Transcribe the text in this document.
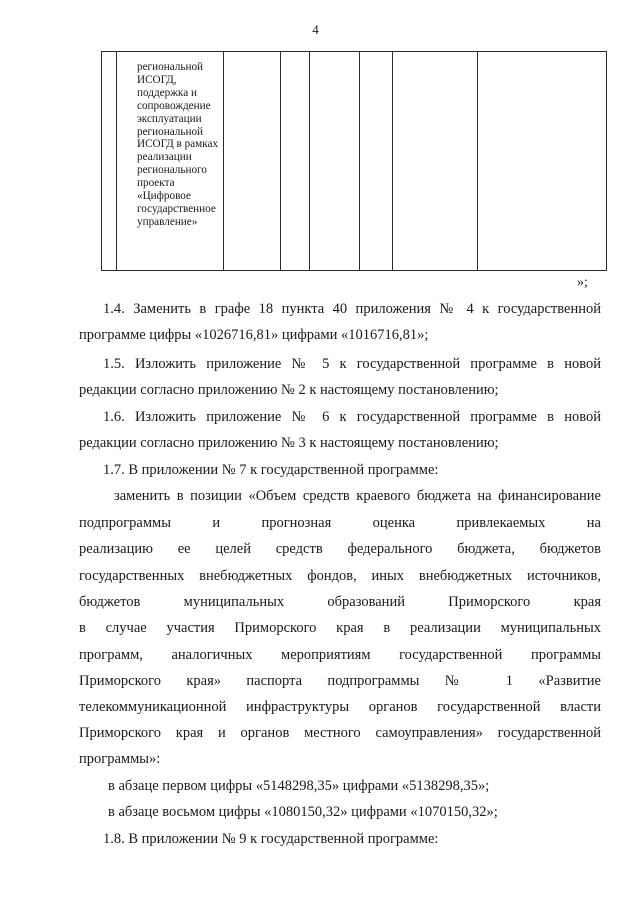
4

региональной
ИСОГД,
поддержка и
сопровождение
эксплуатации
региональной
ИСОГД в рамках
реализации
регионального
проекта
«Цифровое
государственное
управление»

»;
1.4. Заменить в графе 18 пункта 40 приложения № 4 к государственной
программе цифры «1026716,81» цифрами «1016716,81»;
1.5. Изложить приложение № 5 к государственной программе в новой
редакции согласно приложению № 2 к настоящему постановлению;
1.6. Изложить приложение № 6 к государственной программе в новой
редакции согласно приложению № 3 к настоящему постановлению;
1.7. В приложении № 7 к государственной программе:
заменить в позиции «Объем средств краевого бюджета на финансирование
подпрограммы и прогнозная оценка привлекаемых на
реализацию ее целей средств федерального бюджета, бюджетов
государственных внебюджетных фондов, иных внебюджетных источников,
бюджетов муниципальных образований Приморского края
в случае участия Приморского края в реализации муниципальных
программ, аналогичных мероприятиям государственной программы
Приморского края» паспорта подпрограммы № 1 «Развитие
телекоммуникационной инфраструктуры органов государственной власти
Приморского края и органов местного самоуправления» государственной
программы»:
в абзаце первом цифры «5148298,35» цифрами «5138298,35»;
в абзаце восьмом цифры «1080150,32» цифрами «1070150,32»;
1.8. В приложении № 9 к государственной программе:
